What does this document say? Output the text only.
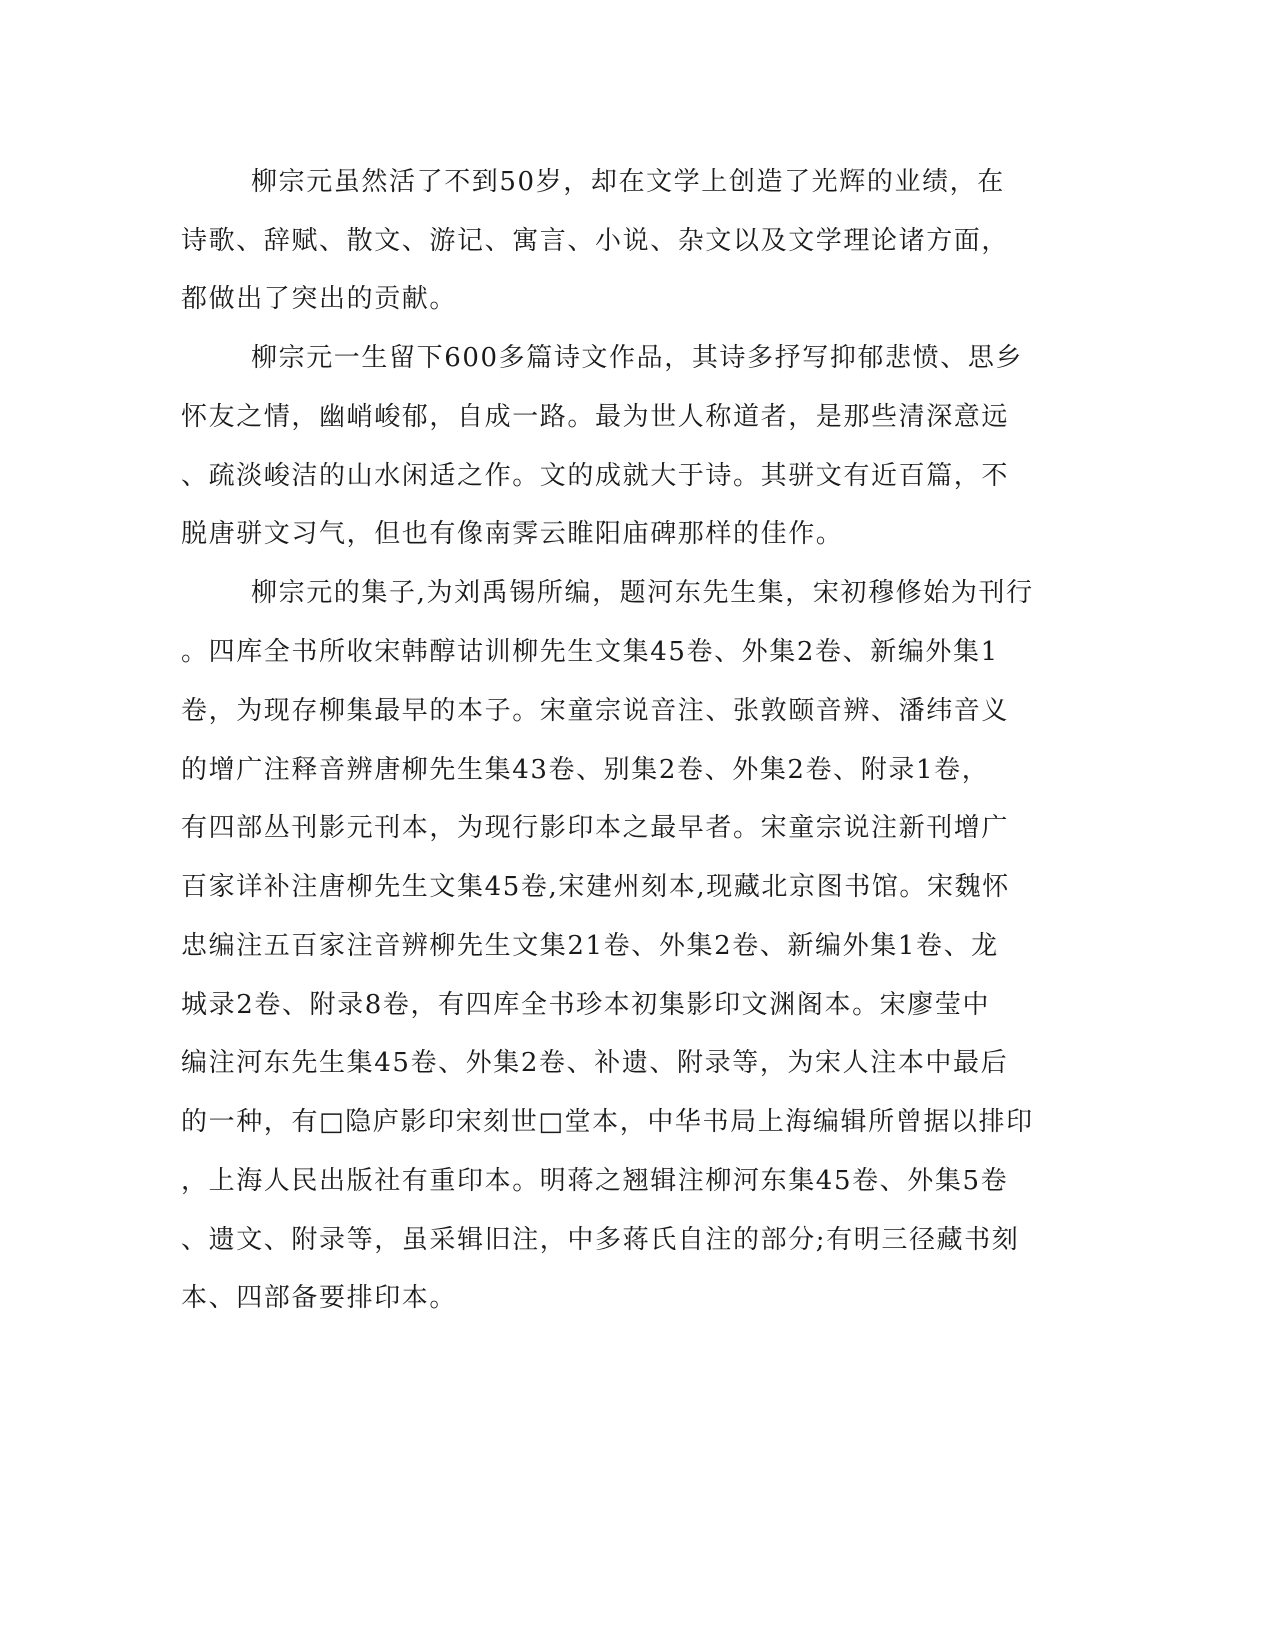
柳宗元虽然活了不到50岁，却在文学上创造了光辉的业绩，在
诗歌、辞赋、散文、游记、寓言、小说、杂文以及文学理论诸方面，
都做出了突出的贡献。
柳宗元一生留下600多篇诗文作品，其诗多抒写抑郁悲愤、思乡
怀友之情，幽峭峻郁，自成一路。最为世人称道者，是那些清深意远
、疏淡峻洁的山水闲适之作。文的成就大于诗。其骈文有近百篇，不
脱唐骈文习气，但也有像南霁云睢阳庙碑那样的佳作。
柳宗元的集子,为刘禹锡所编，题河东先生集，宋初穆修始为刊行
。四库全书所收宋韩醇诂训柳先生文集45卷、外集2卷、新编外集1
卷，为现存柳集最早的本子。宋童宗说音注、张敦颐音辨、潘纬音义
的增广注释音辨唐柳先生集43卷、别集2卷、外集2卷、附录1卷，
有四部丛刊影元刊本，为现行影印本之最早者。宋童宗说注新刊增广
百家详补注唐柳先生文集45卷,宋建州刻本,现藏北京图书馆。宋魏怀
忠编注五百家注音辨柳先生文集21卷、外集2卷、新编外集1卷、龙
城录2卷、附录8卷，有四库全书珍本初集影印文渊阁本。宋廖莹中
编注河东先生集45卷、外集2卷、补遗、附录等，为宋人注本中最后
的一种，有□隐庐影印宋刻世□堂本，中华书局上海编辑所曾据以排印
，上海人民出版社有重印本。明蒋之翘辑注柳河东集45卷、外集5卷
、遗文、附录等，虽采辑旧注，中多蒋氏自注的部分;有明三径藏书刻
本、四部备要排印本。
